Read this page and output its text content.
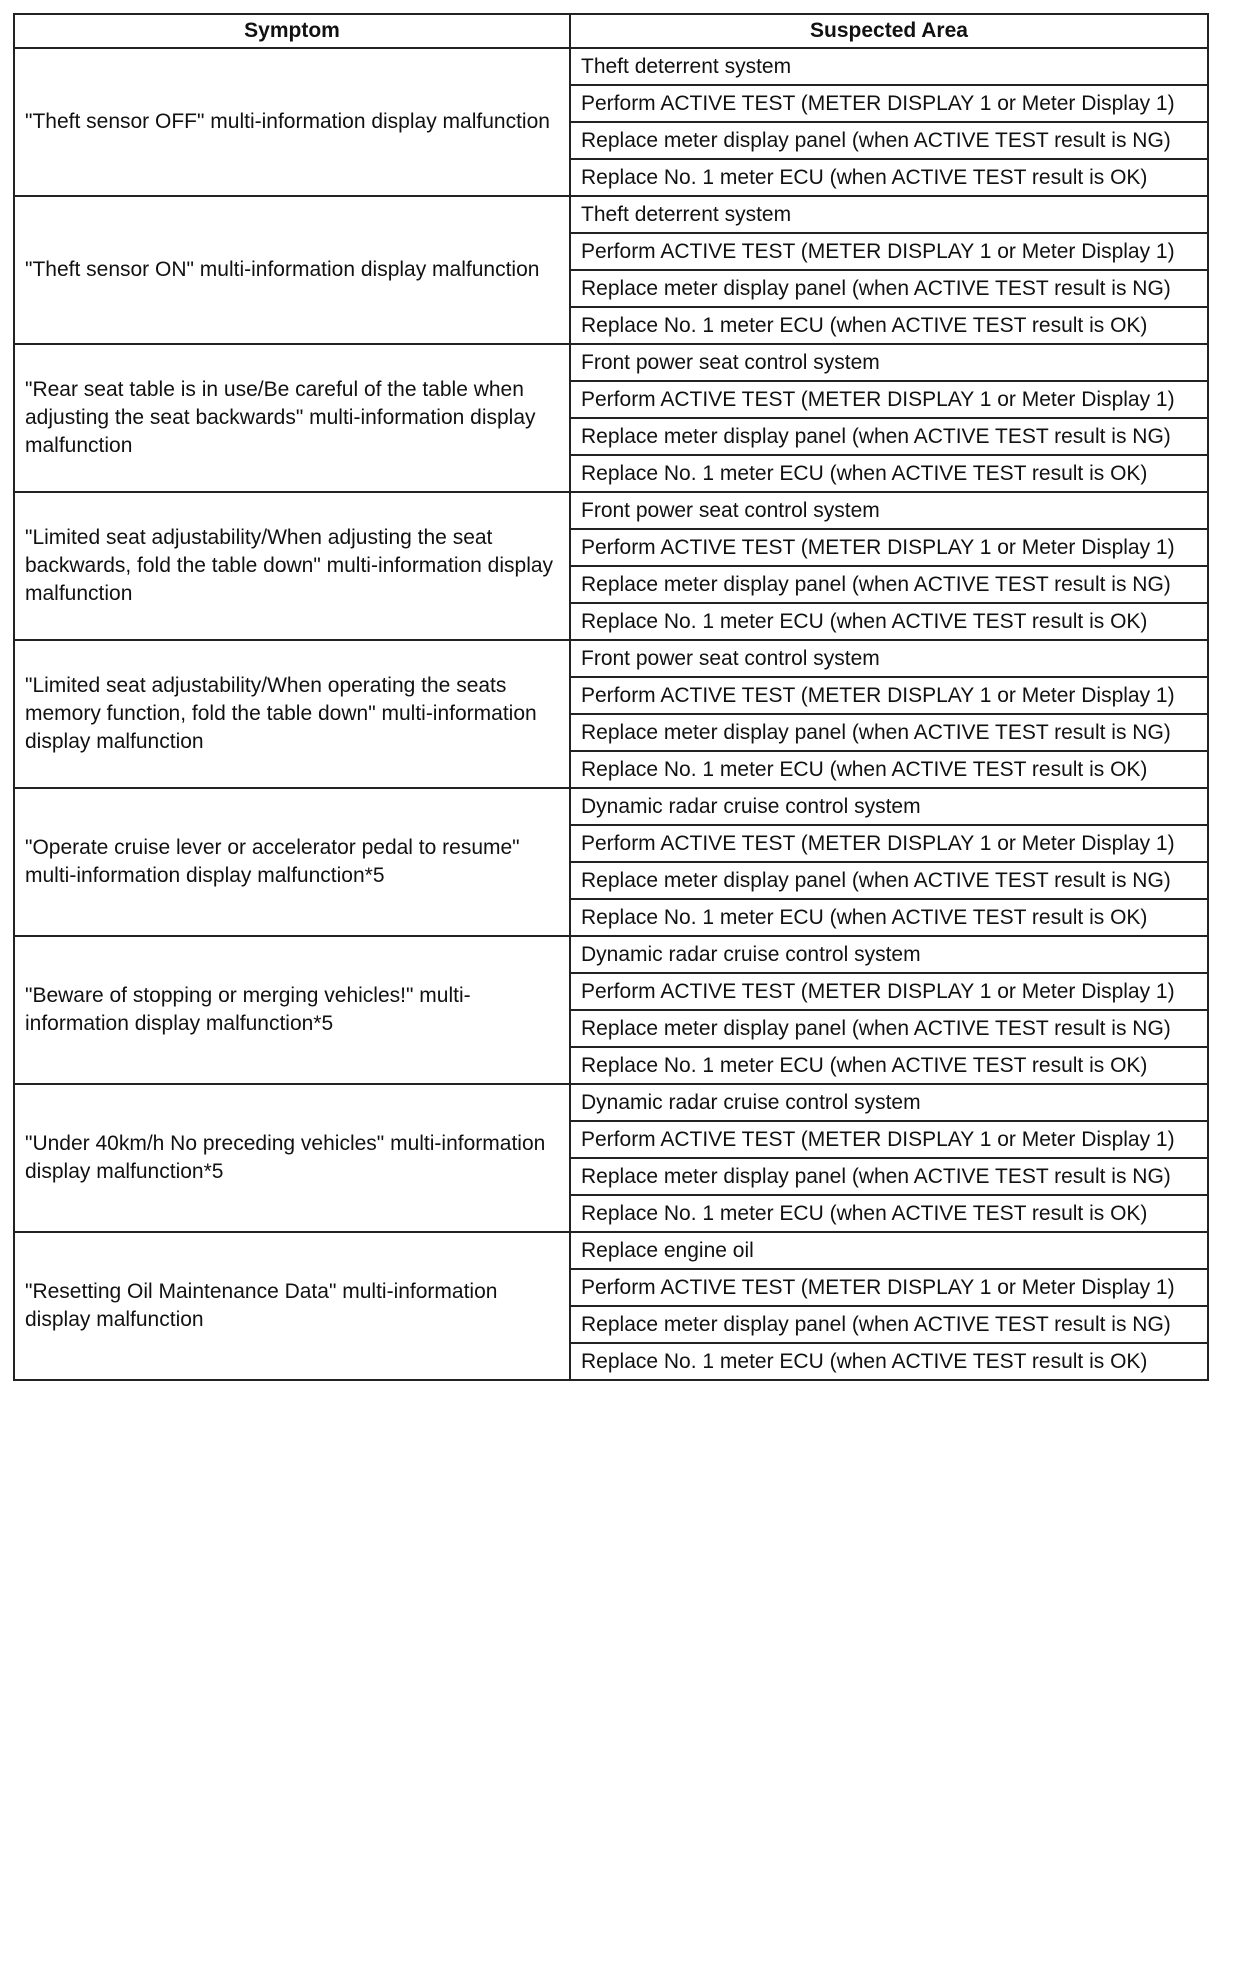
Symptom	Suspected Area
"Theft sensor OFF" multi-information display malfunction	Theft deterrent system
	Perform ACTIVE TEST (METER DISPLAY 1 or Meter Display 1)
	Replace meter display panel (when ACTIVE TEST result is NG)
	Replace No. 1 meter ECU (when ACTIVE TEST result is OK)
"Theft sensor ON" multi-information display malfunction	Theft deterrent system
	Perform ACTIVE TEST (METER DISPLAY 1 or Meter Display 1)
	Replace meter display panel (when ACTIVE TEST result is NG)
	Replace No. 1 meter ECU (when ACTIVE TEST result is OK)
"Rear seat table is in use/Be careful of the table when adjusting the seat backwards" multi-information display malfunction	Front power seat control system
	Perform ACTIVE TEST (METER DISPLAY 1 or Meter Display 1)
	Replace meter display panel (when ACTIVE TEST result is NG)
	Replace No. 1 meter ECU (when ACTIVE TEST result is OK)
"Limited seat adjustability/When adjusting the seat backwards, fold the table down" multi-information display malfunction	Front power seat control system
	Perform ACTIVE TEST (METER DISPLAY 1 or Meter Display 1)
	Replace meter display panel (when ACTIVE TEST result is NG)
	Replace No. 1 meter ECU (when ACTIVE TEST result is OK)
"Limited seat adjustability/When operating the seats memory function, fold the table down" multi-information display malfunction	Front power seat control system
	Perform ACTIVE TEST (METER DISPLAY 1 or Meter Display 1)
	Replace meter display panel (when ACTIVE TEST result is NG)
	Replace No. 1 meter ECU (when ACTIVE TEST result is OK)
"Operate cruise lever or accelerator pedal to resume" multi-information display malfunction*5	Dynamic radar cruise control system
	Perform ACTIVE TEST (METER DISPLAY 1 or Meter Display 1)
	Replace meter display panel (when ACTIVE TEST result is NG)
	Replace No. 1 meter ECU (when ACTIVE TEST result is OK)
"Beware of stopping or merging vehicles!" multi-information display malfunction*5	Dynamic radar cruise control system
	Perform ACTIVE TEST (METER DISPLAY 1 or Meter Display 1)
	Replace meter display panel (when ACTIVE TEST result is NG)
	Replace No. 1 meter ECU (when ACTIVE TEST result is OK)
"Under 40km/h No preceding vehicles" multi-information display malfunction*5	Dynamic radar cruise control system
	Perform ACTIVE TEST (METER DISPLAY 1 or Meter Display 1)
	Replace meter display panel (when ACTIVE TEST result is NG)
	Replace No. 1 meter ECU (when ACTIVE TEST result is OK)
"Resetting Oil Maintenance Data" multi-information display malfunction	Replace engine oil
	Perform ACTIVE TEST (METER DISPLAY 1 or Meter Display 1)
	Replace meter display panel (when ACTIVE TEST result is NG)
	Replace No. 1 meter ECU (when ACTIVE TEST result is OK)
